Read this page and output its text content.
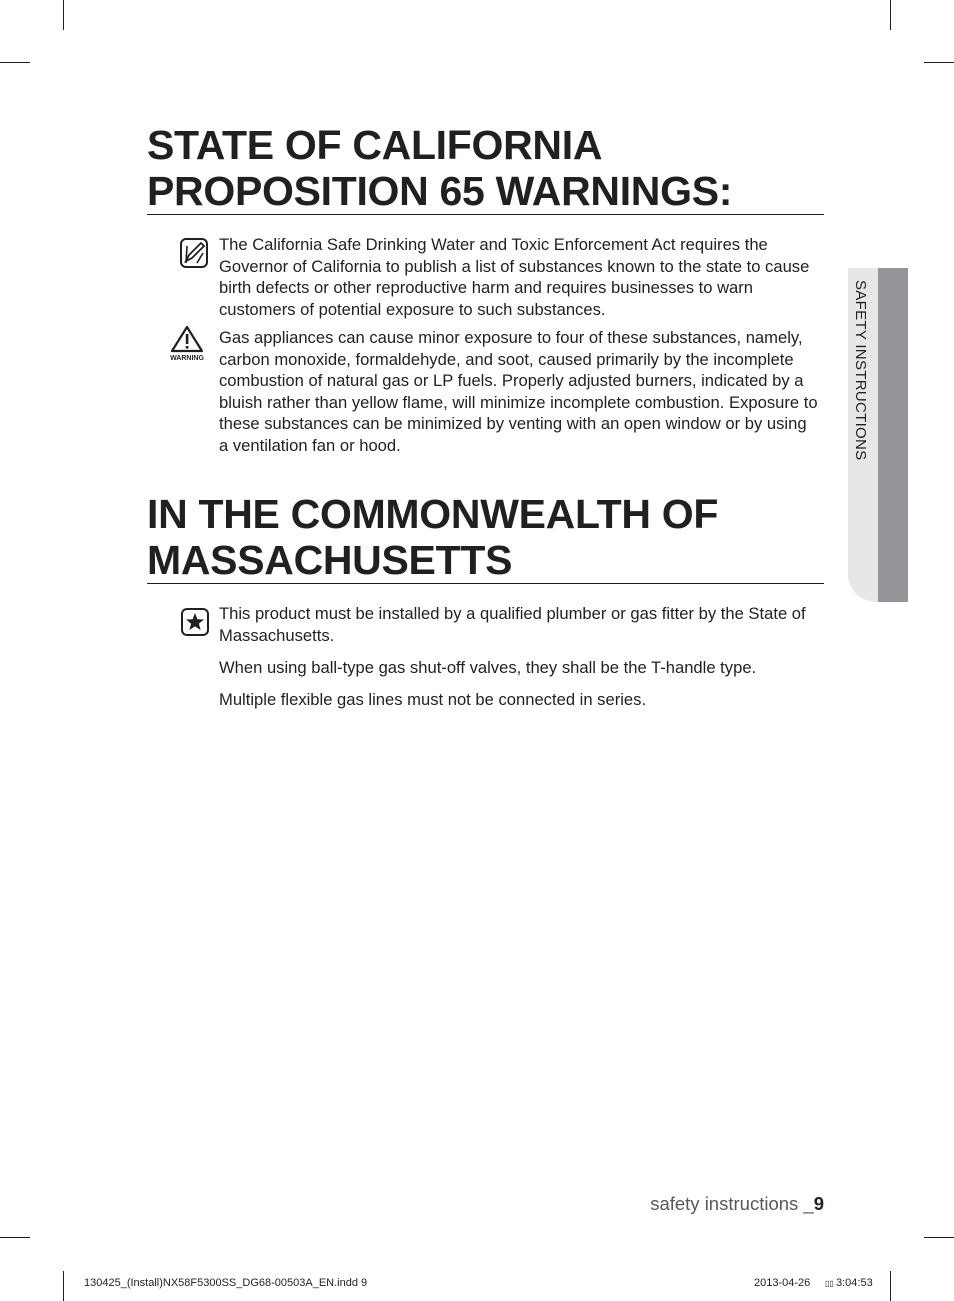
STATE OF CALIFORNIA
PROPOSITION 65 WARNINGS:

The California Safe Drinking Water and Toxic Enforcement Act requires the Governor of California to publish a list of substances known to the state to cause birth defects or other reproductive harm and requires businesses to warn customers of potential exposure to such substances.

WARNING

Gas appliances can cause minor exposure to four of these substances, namely, carbon monoxide, formaldehyde, and soot, caused primarily by the incomplete combustion of natural gas or LP fuels. Properly adjusted burners, indicated by a bluish rather than yellow flame, will minimize incomplete combustion. Exposure to these substances can be minimized by venting with an open window or by using a ventilation fan or hood.

IN THE COMMONWEALTH OF
MASSACHUSETTS

This product must be installed by a qualified plumber or gas fitter by the State of Massachusetts.

When using ball-type gas shut-off valves, they shall be the T-handle type.

Multiple flexible gas lines must not be connected in series.

SAFETY INSTRUCTIONS
safety instructions _9
130425_(Install)NX58F5300SS_DG68-00503A_EN.indd 9	2013-04-26 ▯▯ 3:04:53
